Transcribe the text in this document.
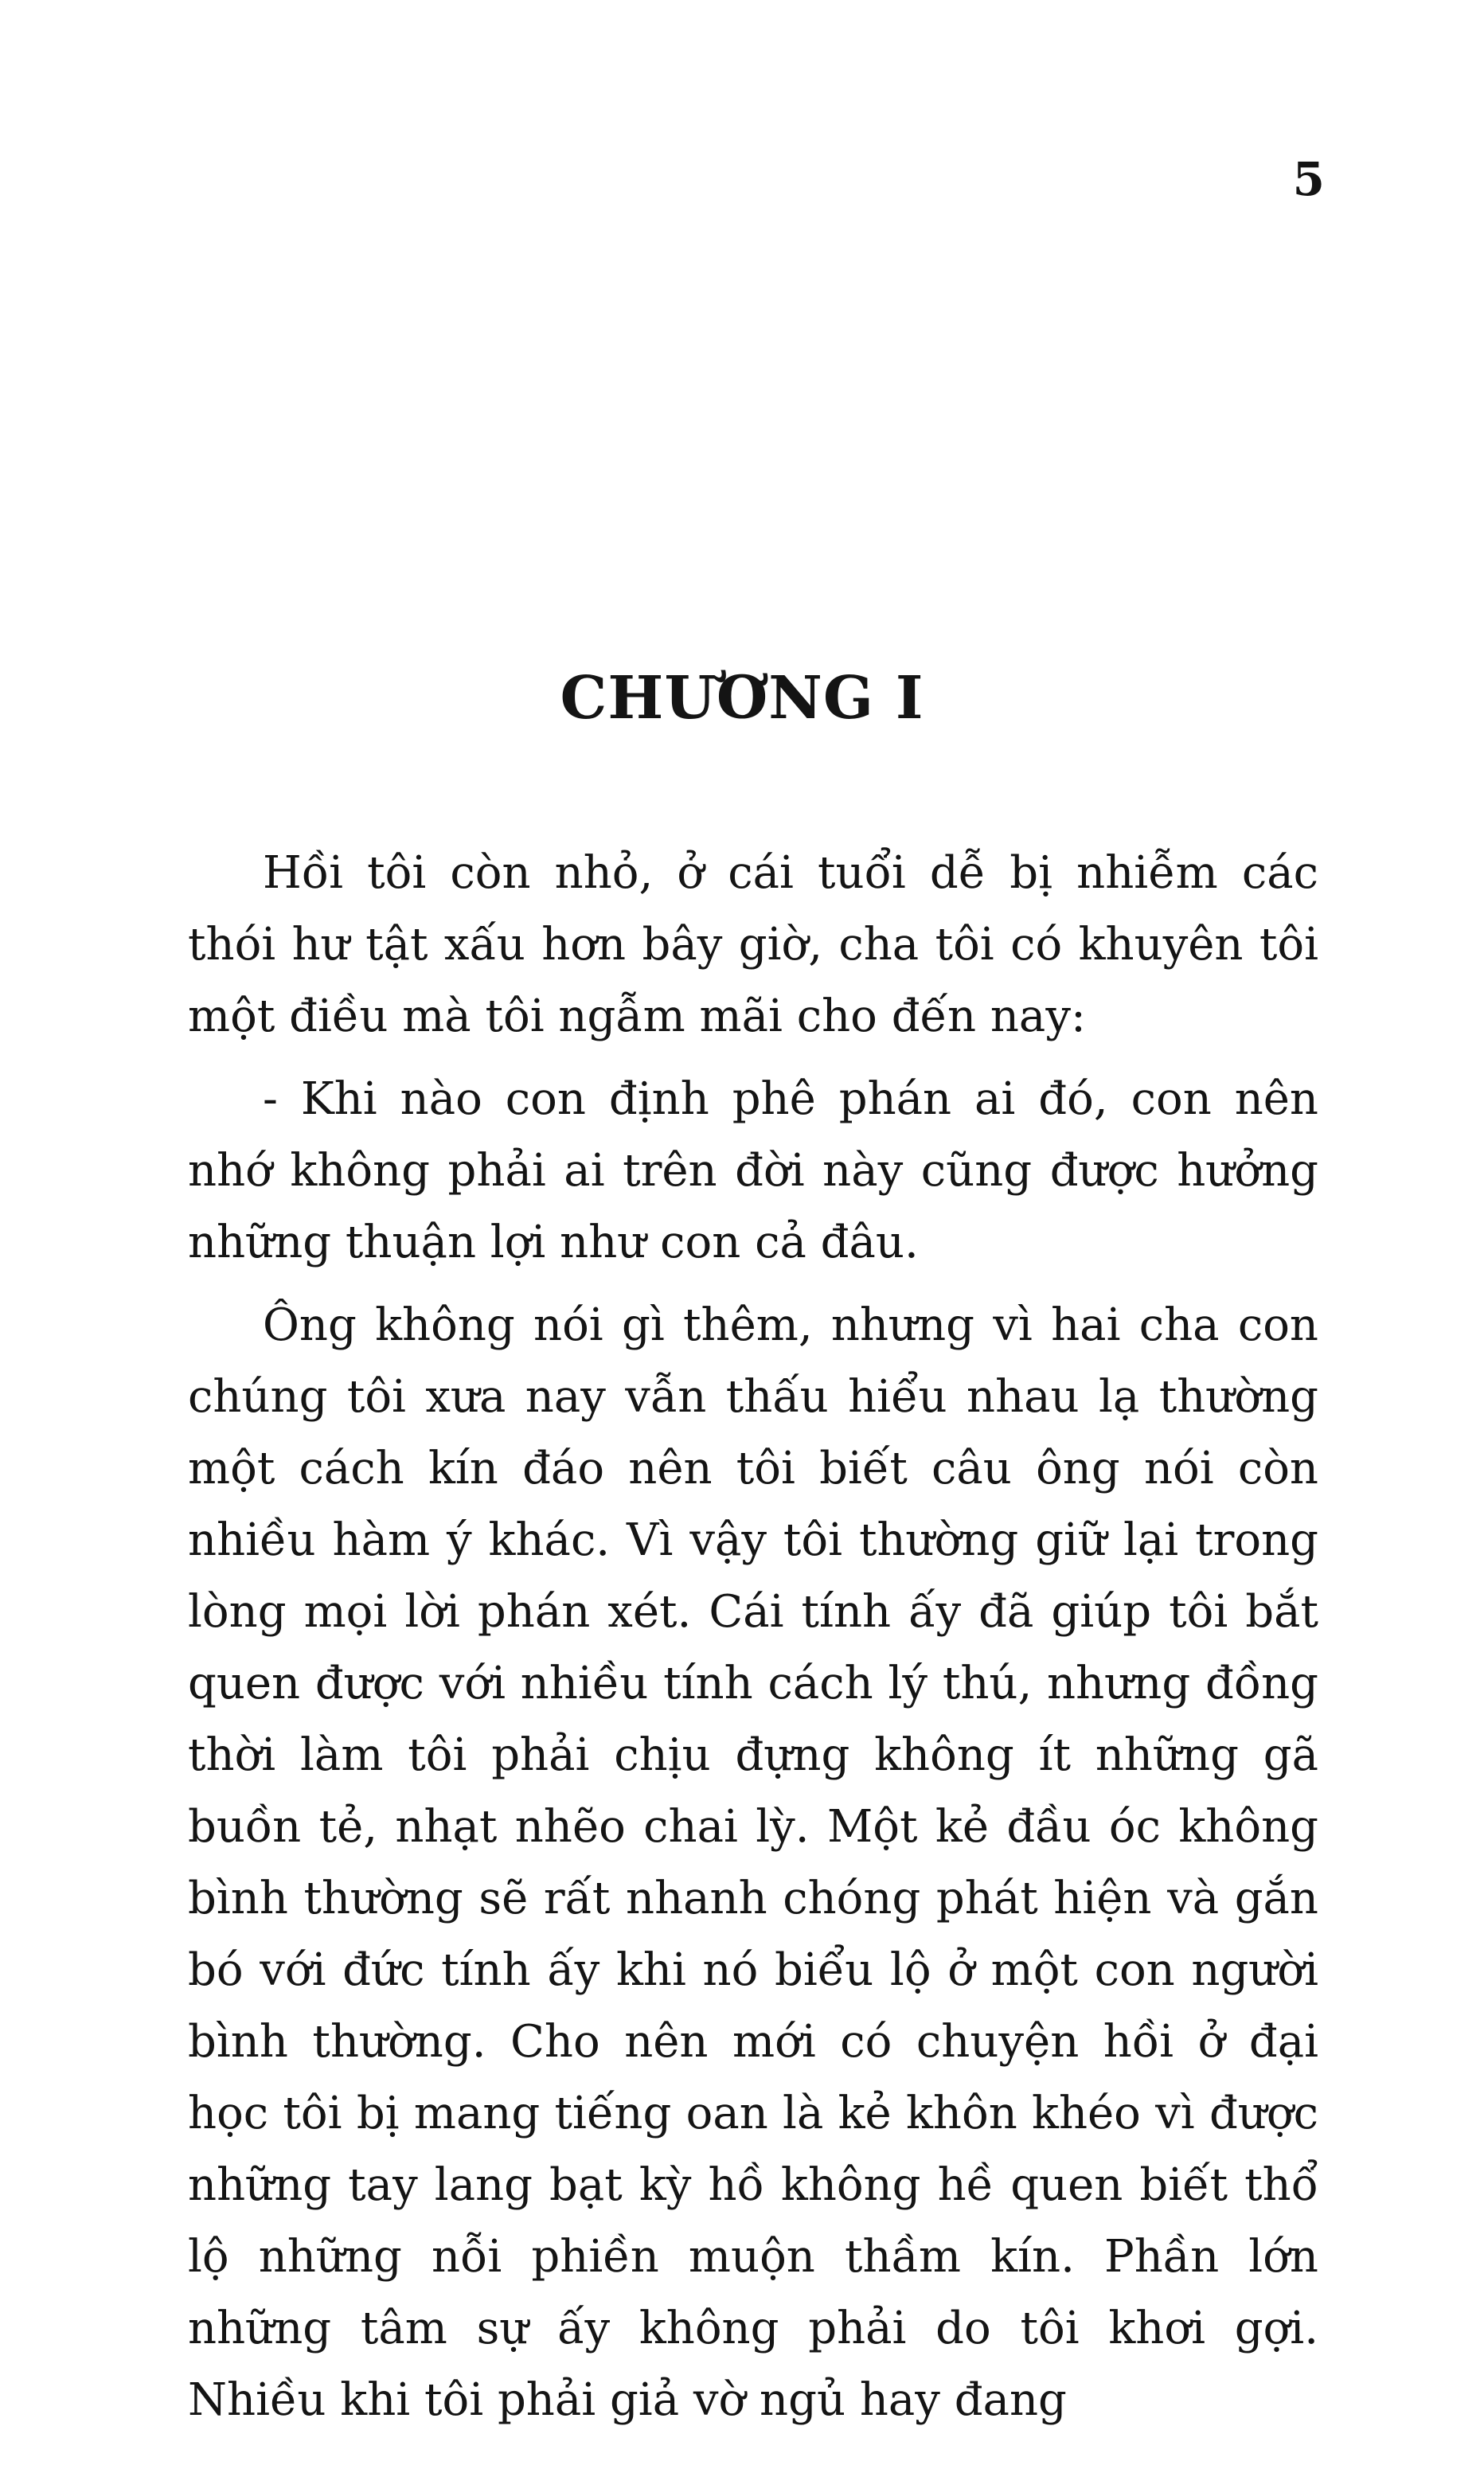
5
CHƯƠNG I

Hồi tôi còn nhỏ, ở cái tuổi dễ bị nhiễm các thói hư tật xấu hơn bây giờ, cha tôi có khuyên tôi một điều mà tôi ngẫm mãi cho đến nay:

- Khi nào con định phê phán ai đó, con nên nhớ không phải ai trên đời này cũng được hưởng những thuận lợi như con cả đâu.

Ông không nói gì thêm, nhưng vì hai cha con chúng tôi xưa nay vẫn thấu hiểu nhau lạ thường một cách kín đáo nên tôi biết câu ông nói còn nhiều hàm ý khác. Vì vậy tôi thường giữ lại trong lòng mọi lời phán xét. Cái tính ấy đã giúp tôi bắt quen được với nhiều tính cách lý thú, nhưng đồng thời làm tôi phải chịu đựng không ít những gã buồn tẻ, nhạt nhẽo chai lỳ. Một kẻ đầu óc không bình thường sẽ rất nhanh chóng phát hiện và gắn bó với đức tính ấy khi nó biểu lộ ở một con người bình thường. Cho nên mới có chuyện hồi ở đại học tôi bị mang tiếng oan là kẻ khôn khéo vì được những tay lang bạt kỳ hồ không hề quen biết thổ lộ những nỗi phiền muộn thầm kín. Phần lớn những tâm sự ấy không phải do tôi khơi gợi. Nhiều khi tôi phải giả vờ ngủ hay đang
